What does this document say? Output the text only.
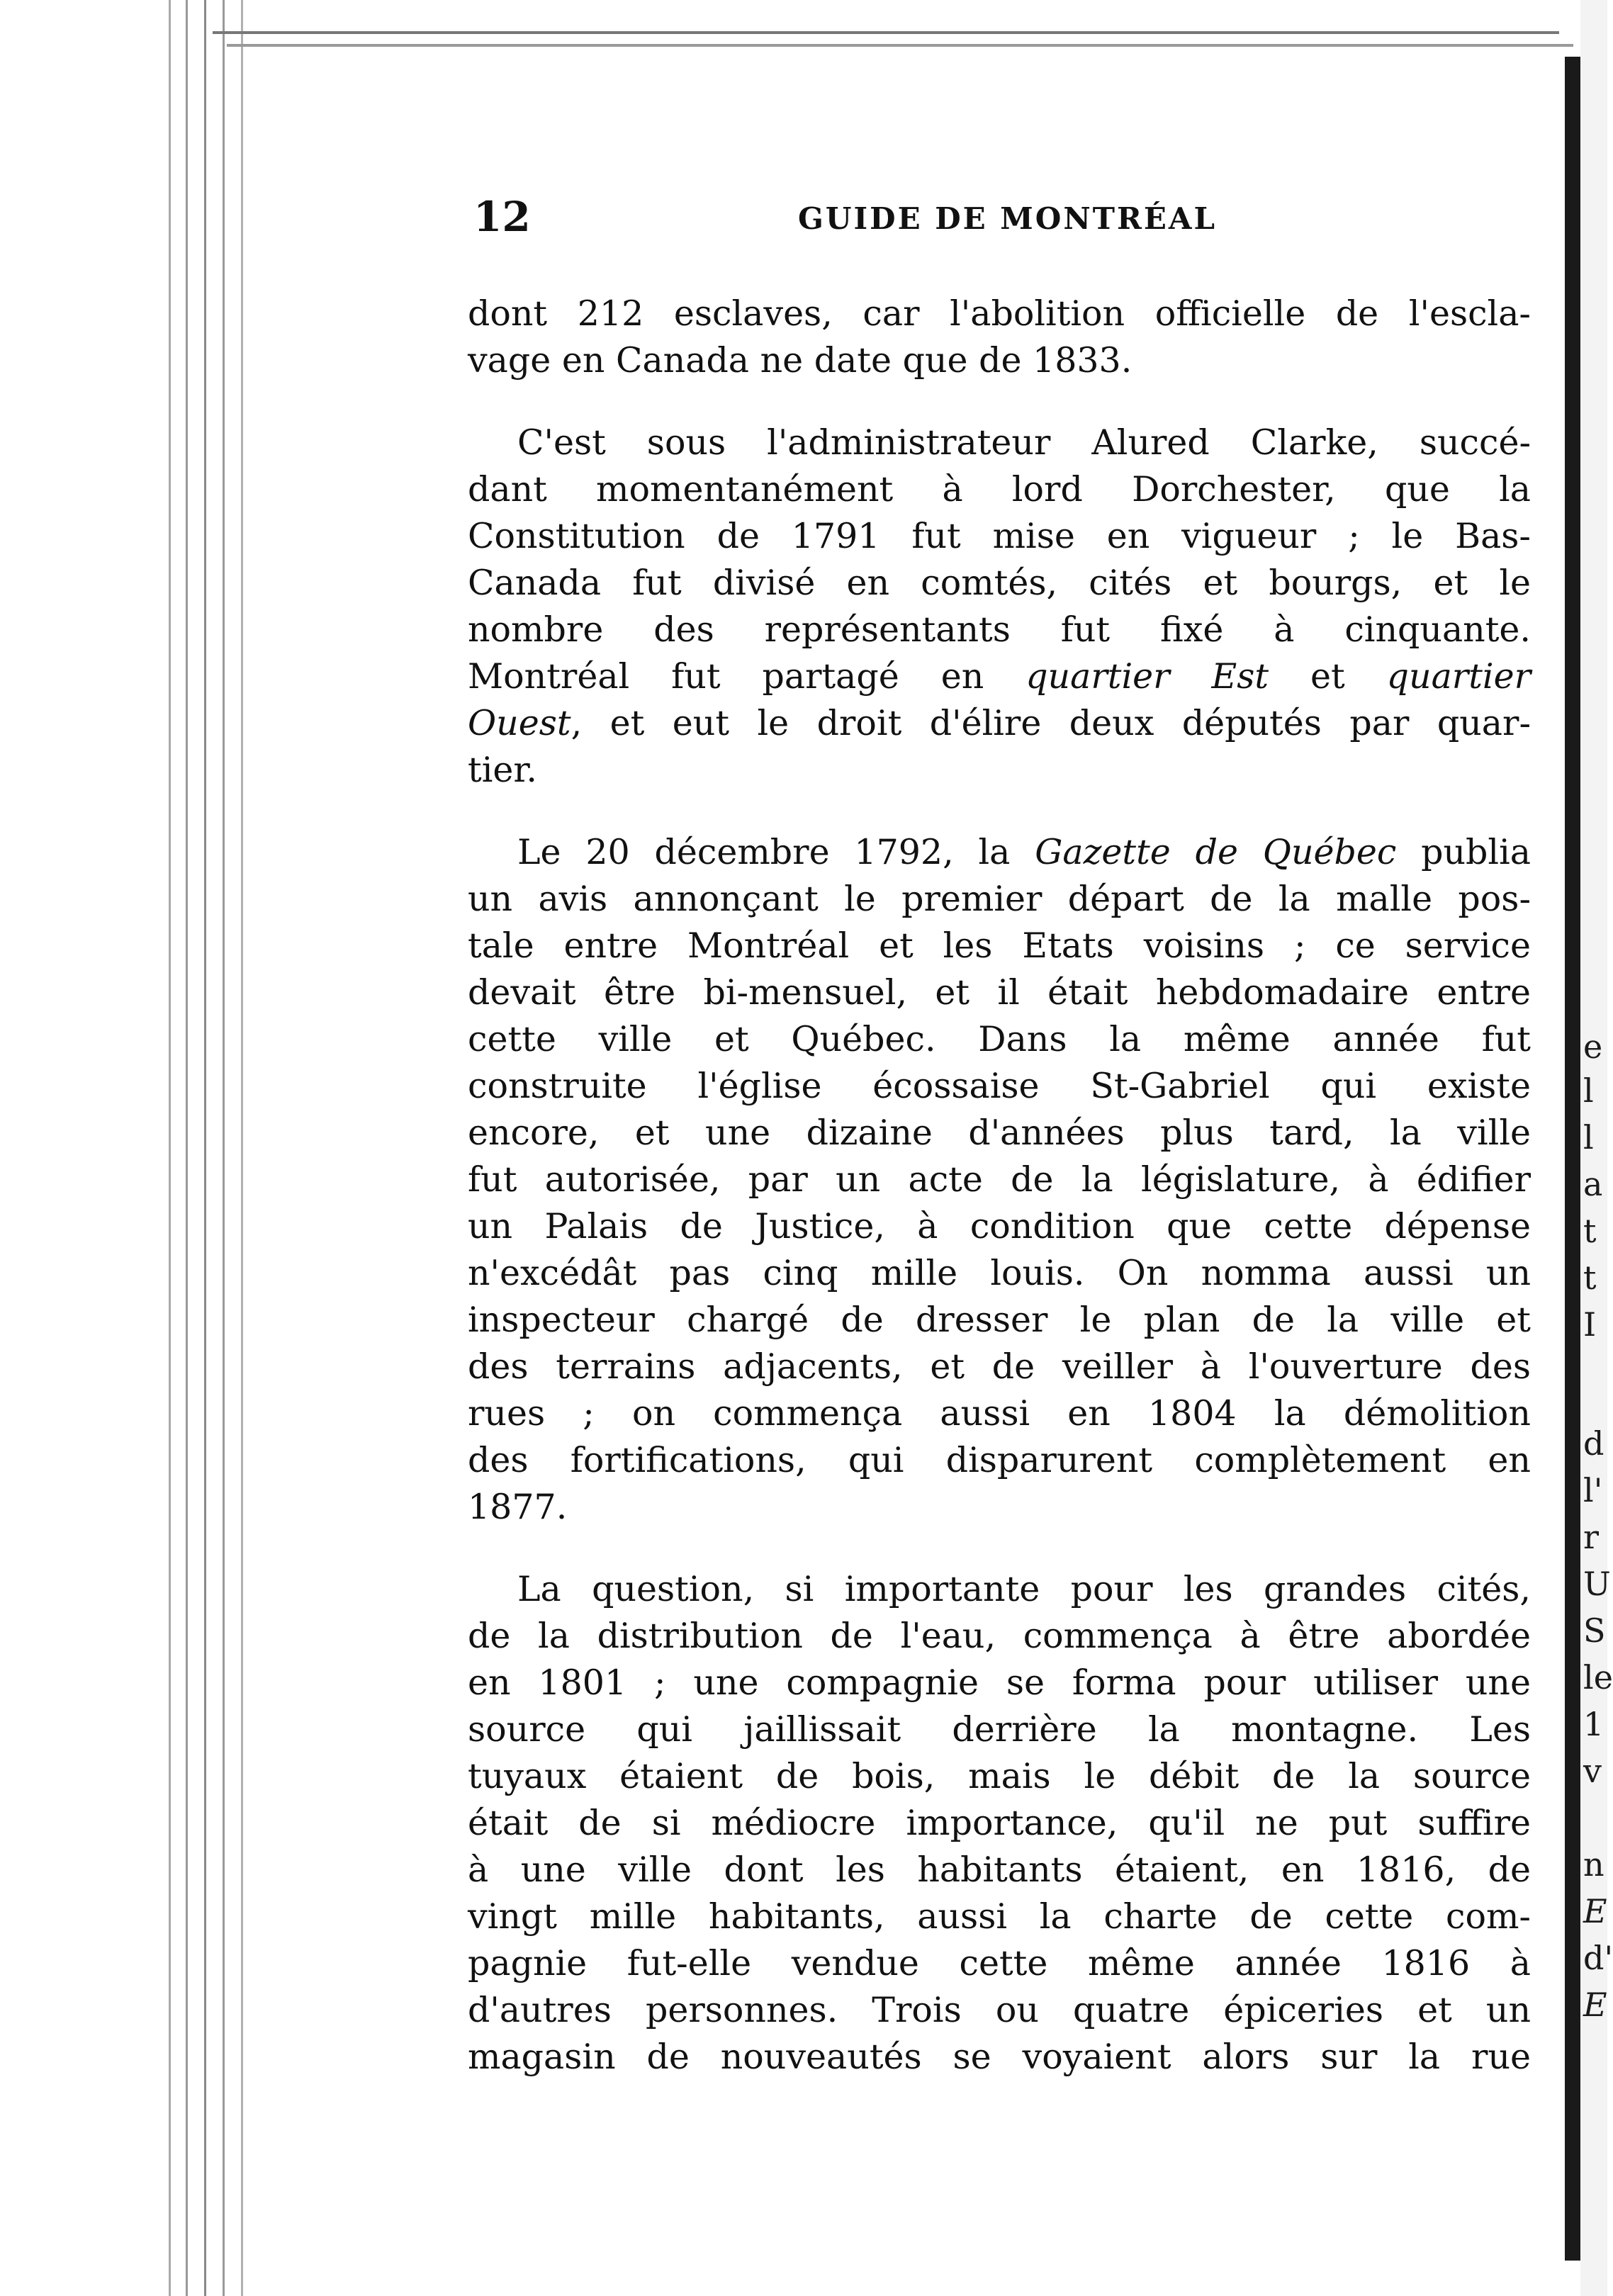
e
l
l
a
t
t
I
d
l'
r
U
S
le
1
v
n
E
d'
E
12	GUIDE DE MONTRÉAL
dont 212 esclaves, car l'abolition officielle de l'escla-
vage en Canada ne date que de 1833.
C'est sous l'administrateur Alured Clarke, succé-
dant momentanément à lord Dorchester, que la
Constitution de 1791 fut mise en vigueur ; le Bas-
Canada fut divisé en comtés, cités et bourgs, et le
nombre des représentants fut fixé à cinquante.
Montréal fut partagé en quartier Est et quartier
Ouest, et eut le droit d'élire deux députés par quar-
tier.
Le 20 décembre 1792, la Gazette de Québec publia
un avis annonçant le premier départ de la malle pos-
tale entre Montréal et les Etats voisins ; ce service
devait être bi-mensuel, et il était hebdomadaire entre
cette ville et Québec. Dans la même année fut
construite l'église écossaise St-Gabriel qui existe
encore, et une dizaine d'années plus tard, la ville
fut autorisée, par un acte de la législature, à édifier
un Palais de Justice, à condition que cette dépense
n'excédât pas cinq mille louis. On nomma aussi un
inspecteur chargé de dresser le plan de la ville et
des terrains adjacents, et de veiller à l'ouverture des
rues ; on commença aussi en 1804 la démolition
des fortifications, qui disparurent complètement en
1877.
La question, si importante pour les grandes cités,
de la distribution de l'eau, commença à être abordée
en 1801 ; une compagnie se forma pour utiliser une
source qui jaillissait derrière la montagne. Les
tuyaux étaient de bois, mais le débit de la source
était de si médiocre importance, qu'il ne put suffire
à une ville dont les habitants étaient, en 1816, de
vingt mille habitants, aussi la charte de cette com-
pagnie fut-elle vendue cette même année 1816 à
d'autres personnes. Trois ou quatre épiceries et un
magasin de nouveautés se voyaient alors sur la rue
